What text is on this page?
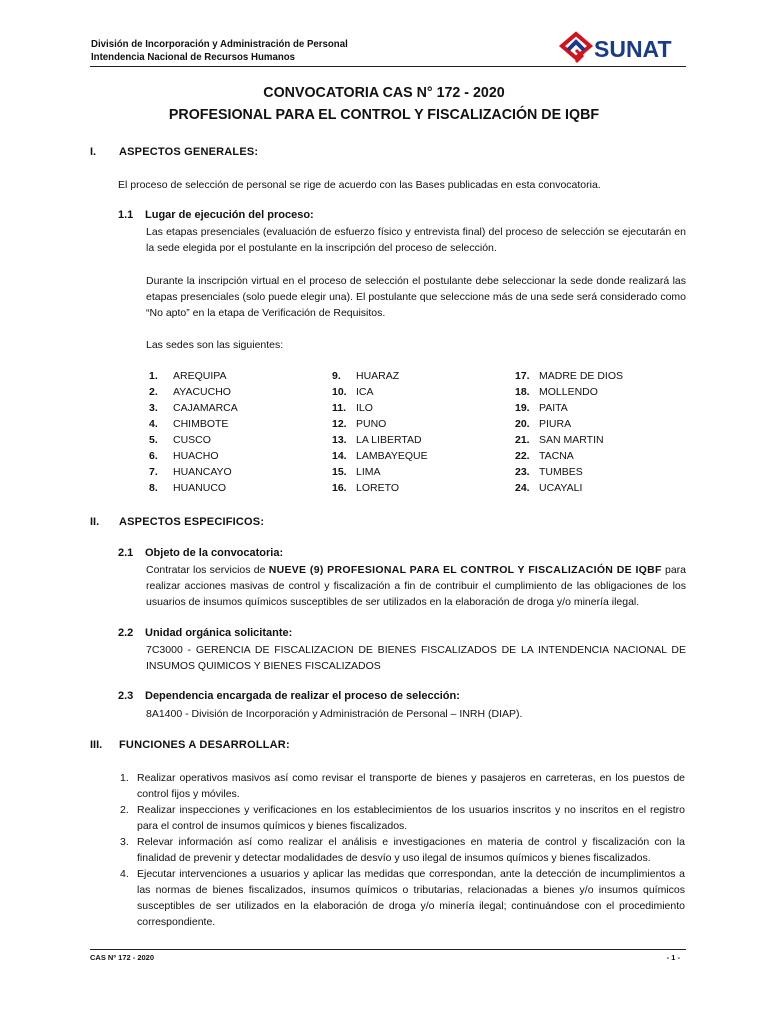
División de Incorporación y Administración de Personal
Intendencia Nacional de Recursos Humanos	SUNAT
CONVOCATORIA CAS N° 172 - 2020
PROFESIONAL PARA EL CONTROL Y FISCALIZACIÓN DE IQBF
I. ASPECTOS GENERALES:
El proceso de selección de personal se rige de acuerdo con las Bases publicadas en esta convocatoria.
1.1 Lugar de ejecución del proceso:
Las etapas presenciales (evaluación de esfuerzo físico y entrevista final) del proceso de selección se ejecutarán en la sede elegida por el postulante en la inscripción del proceso de selección.
Durante la inscripción virtual en el proceso de selección el postulante debe seleccionar la sede donde realizará las etapas presenciales (solo puede elegir una). El postulante que seleccione más de una sede será considerado como “No apto” en la etapa de Verificación de Requisitos.
Las sedes son las siguientes:
1. AREQUIPA
2. AYACUCHO
3. CAJAMARCA
4. CHIMBOTE
5. CUSCO
6. HUACHO
7. HUANCAYO
8. HUANUCO
9. HUARAZ
10. ICA
11. ILO
12. PUNO
13. LA LIBERTAD
14. LAMBAYEQUE
15. LIMA
16. LORETO
17. MADRE DE DIOS
18. MOLLENDO
19. PAITA
20. PIURA
21. SAN MARTIN
22. TACNA
23. TUMBES
24. UCAYALI
II. ASPECTOS ESPECIFICOS:
2.1 Objeto de la convocatoria:
Contratar los servicios de NUEVE (9) PROFESIONAL PARA EL CONTROL Y FISCALIZACIÓN DE IQBF para realizar acciones masivas de control y fiscalización a fin de contribuir el cumplimiento de las obligaciones de los usuarios de insumos químicos susceptibles de ser utilizados en la elaboración de droga y/o minería ilegal.
2.2 Unidad orgánica solicitante:
7C3000 - GERENCIA DE FISCALIZACION DE BIENES FISCALIZADOS DE LA INTENDENCIA NACIONAL DE INSUMOS QUIMICOS Y BIENES FISCALIZADOS
2.3 Dependencia encargada de realizar el proceso de selección:
8A1400 - División de Incorporación y Administración de Personal – INRH (DIAP).
III. FUNCIONES A DESARROLLAR:
1. Realizar operativos masivos así como revisar el transporte de bienes y pasajeros en carreteras, en los puestos de control fijos y móviles.
2. Realizar inspecciones y verificaciones en los establecimientos de los usuarios inscritos y no inscritos en el registro para el control de insumos químicos y bienes fiscalizados.
3. Relevar información así como realizar el análisis e investigaciones en materia de control y fiscalización con la finalidad de prevenir y detectar modalidades de desvío y uso ilegal de insumos químicos y bienes fiscalizados.
4. Ejecutar intervenciones a usuarios y aplicar las medidas que correspondan, ante la detección de incumplimientos a las normas de bienes fiscalizados, insumos químicos o tributarias, relacionadas a bienes y/o insumos químicos susceptibles de ser utilizados en la elaboración de droga y/o minería ilegal; continuándose con el procedimiento correspondiente.
CAS Nº 172 - 2020	- 1 -
